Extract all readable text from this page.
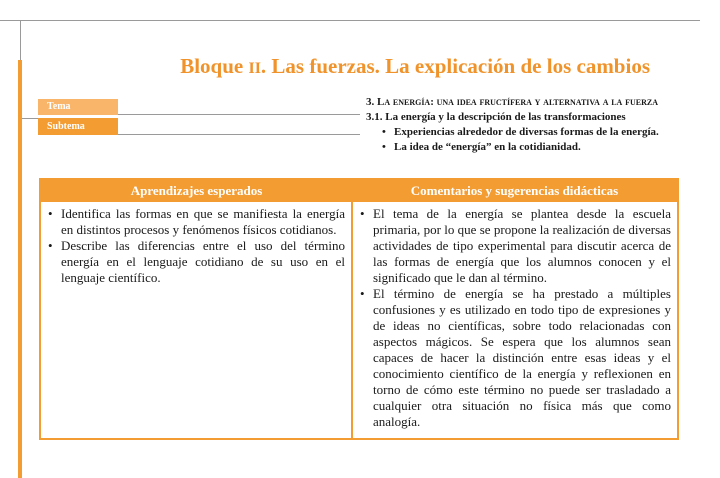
Bloque II. Las fuerzas. La explicación de los cambios
Tema
Subtema
3. La energía: una idea fructífera y alternativa a la fuerza
3.1. La energía y la descripción de las transformaciones
• Experiencias alrededor de diversas formas de la energía.
• La idea de “energía” en la cotidianidad.
Aprendizajes esperados	Comentarios y sugerencias didácticas
• Identifica las formas en que se manifiesta la energía en distintos procesos y fenómenos físicos cotidianos.
• Describe las diferencias entre el uso del término energía en el lenguaje cotidiano de su uso en el lenguaje científico.
• El tema de la energía se plantea desde la escuela primaria, por lo que se propone la realización de diversas actividades de tipo experimental para discutir acerca de las formas de energía que los alumnos conocen y el significado que le dan al término.
• El término de energía se ha prestado a múltiples confusiones y es utilizado en todo tipo de expresiones y de ideas no científicas, sobre todo relacionadas con aspectos mágicos. Se espera que los alumnos sean capaces de hacer la distinción entre esas ideas y el conocimiento científico de la energía y reflexionen en torno de cómo este término no puede ser trasladado a cualquier otra situación no física más que como analogía.
